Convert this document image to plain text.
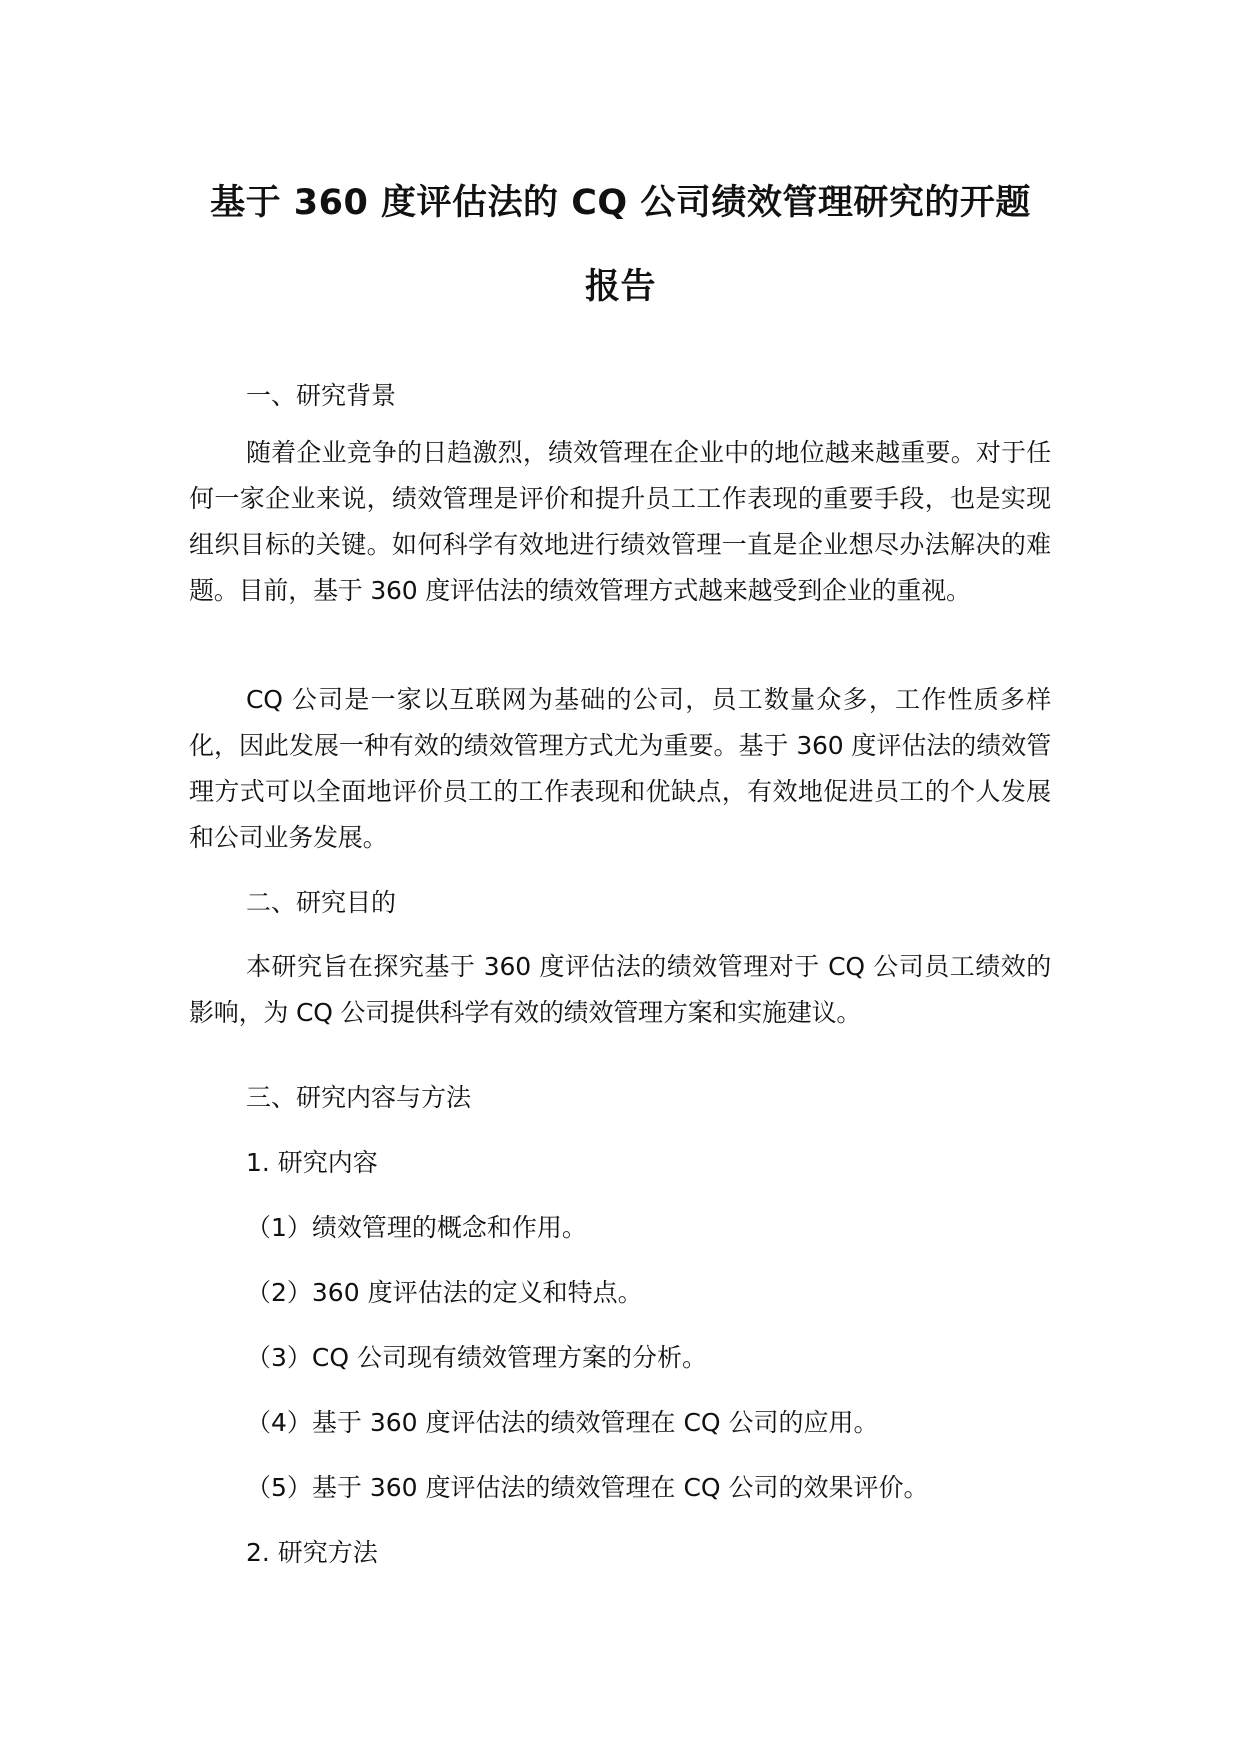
基于 360 度评估法的 CQ 公司绩效管理研究的开题
报告
一、研究背景

随着企业竞争的日趋激烈，绩效管理在企业中的地位越来越重要。对于任何一家企业来说，绩效管理是评价和提升员工工作表现的重要手段，也是实现组织目标的关键。如何科学有效地进行绩效管理一直是企业想尽办法解决的难题。目前，基于 360 度评估法的绩效管理方式越来越受到企业的重视。

CQ 公司是一家以互联网为基础的公司，员工数量众多，工作性质多样化，因此发展一种有效的绩效管理方式尤为重要。基于 360 度评估法的绩效管理方式可以全面地评价员工的工作表现和优缺点，有效地促进员工的个人发展和公司业务发展。

二、研究目的

本研究旨在探究基于 360 度评估法的绩效管理对于 CQ 公司员工绩效的影响，为 CQ 公司提供科学有效的绩效管理方案和实施建议。

三、研究内容与方法
1. 研究内容
（1）绩效管理的概念和作用。
（2）360 度评估法的定义和特点。
（3）CQ 公司现有绩效管理方案的分析。
（4）基于 360 度评估法的绩效管理在 CQ 公司的应用。
（5）基于 360 度评估法的绩效管理在 CQ 公司的效果评价。
2. 研究方法
